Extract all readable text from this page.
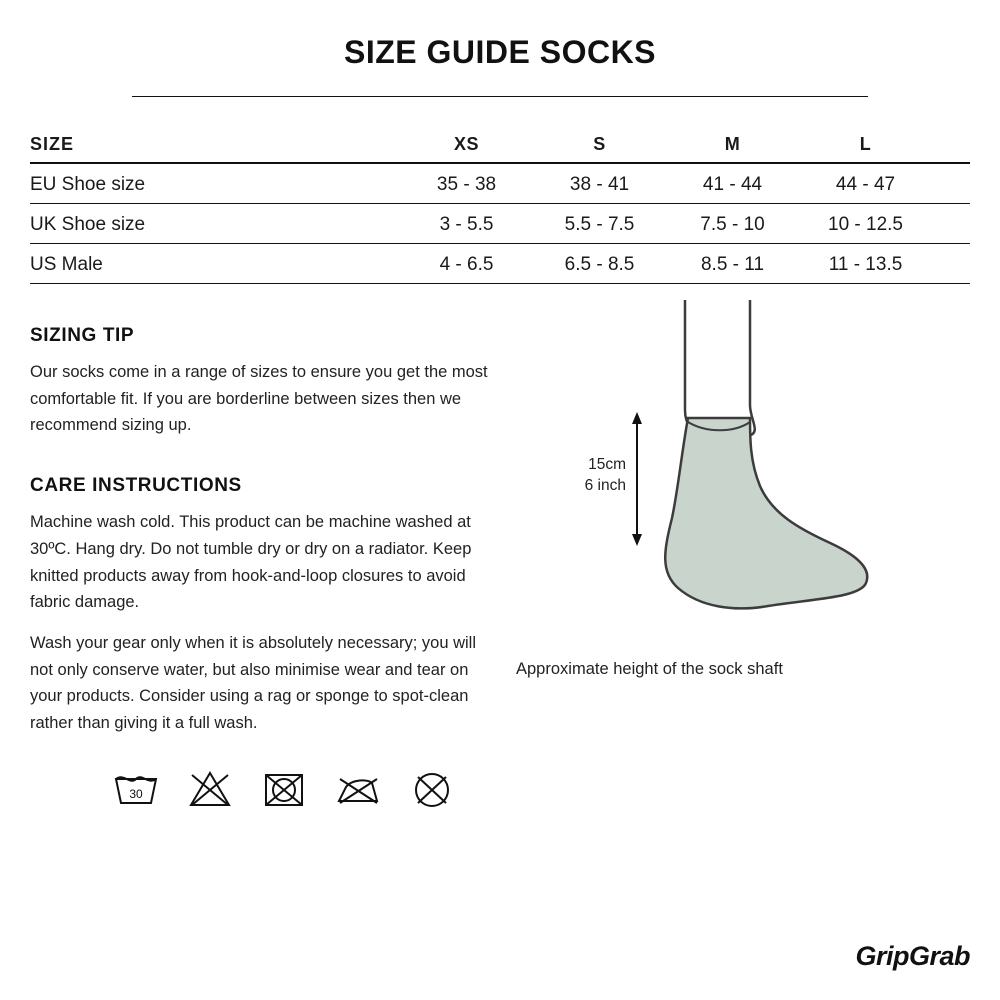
SIZE GUIDE SOCKS
SIZE	XS	S	M	L
EU Shoe size	35 - 38	38 - 41	41 - 44	44 - 47
UK Shoe size	3 - 5.5	5.5 - 7.5	7.5 - 10	10 - 12.5
US Male	4 - 6.5	6.5 - 8.5	8.5 - 11	11 - 13.5
SIZING TIP

Our socks come in a range of sizes to ensure you get the most comfortable fit. If you are borderline between sizes then we recommend sizing up.

CARE INSTRUCTIONS

Machine wash cold. This product can be machine washed at 30ºC. Hang dry. Do not tumble dry or dry on a radiator. Keep knitted products away from hook-and-loop closures to avoid fabric damage.

Wash your gear only when it is absolutely necessary; you will not only conserve water, but also minimise wear and tear on your products. Consider using a rag or sponge to spot-clean rather than giving it a full wash.

30
15cm
6 inch
Approximate height of the sock shaft
GripGrab
